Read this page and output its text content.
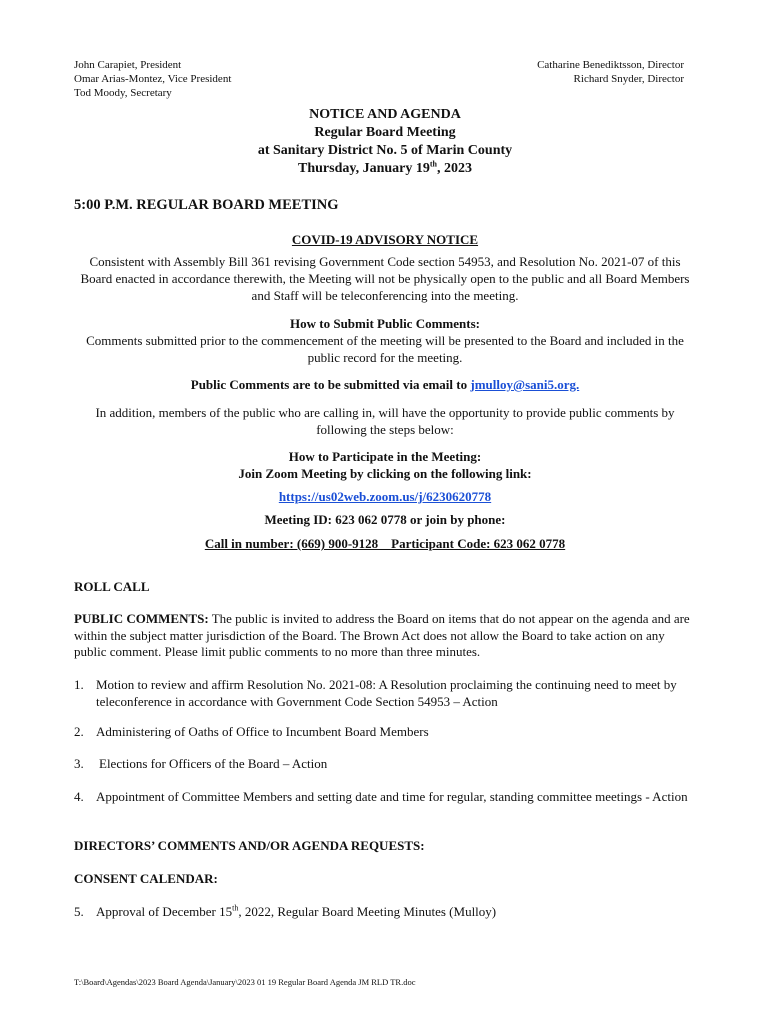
John Carapiet, President
Omar Arias-Montez, Vice President
Tod Moody, Secretary
Catharine Benediktsson, Director
Richard Snyder, Director
NOTICE AND AGENDA
Regular Board Meeting
at Sanitary District No. 5 of Marin County
Thursday, January 19th, 2023
5:00 P.M. REGULAR BOARD MEETING
COVID-19 ADVISORY NOTICE
Consistent with Assembly Bill 361 revising Government Code section 54953, and Resolution No. 2021-07 of this Board enacted in accordance therewith, the Meeting will not be physically open to the public and all Board Members and Staff will be teleconferencing into the meeting.
How to Submit Public Comments:
Comments submitted prior to the commencement of the meeting will be presented to the Board and included in the public record for the meeting.
Public Comments are to be submitted via email to jmulloy@sani5.org.
In addition, members of the public who are calling in, will have the opportunity to provide public comments by following the steps below:
How to Participate in the Meeting:
Join Zoom Meeting by clicking on the following link:
https://us02web.zoom.us/j/6230620778
Meeting ID: 623 062 0778 or join by phone:
Call in number: (669) 900-9128    Participant Code: 623 062 0778
ROLL CALL
PUBLIC COMMENTS: The public is invited to address the Board on items that do not appear on the agenda and are within the subject matter jurisdiction of the Board. The Brown Act does not allow the Board to take action on any public comment. Please limit public comments to no more than three minutes.
1. Motion to review and affirm Resolution No. 2021-08: A Resolution proclaiming the continuing need to meet by teleconference in accordance with Government Code Section 54953 – Action
2. Administering of Oaths of Office to Incumbent Board Members
3. Elections for Officers of the Board – Action
4. Appointment of Committee Members and setting date and time for regular, standing committee meetings - Action
DIRECTORS’ COMMENTS AND/OR AGENDA REQUESTS:
CONSENT CALENDAR:
5. Approval of December 15th, 2022, Regular Board Meeting Minutes (Mulloy)
T:\Board\Agendas\2023 Board Agenda\January\2023 01 19 Regular Board Agenda JM RLD TR.doc
